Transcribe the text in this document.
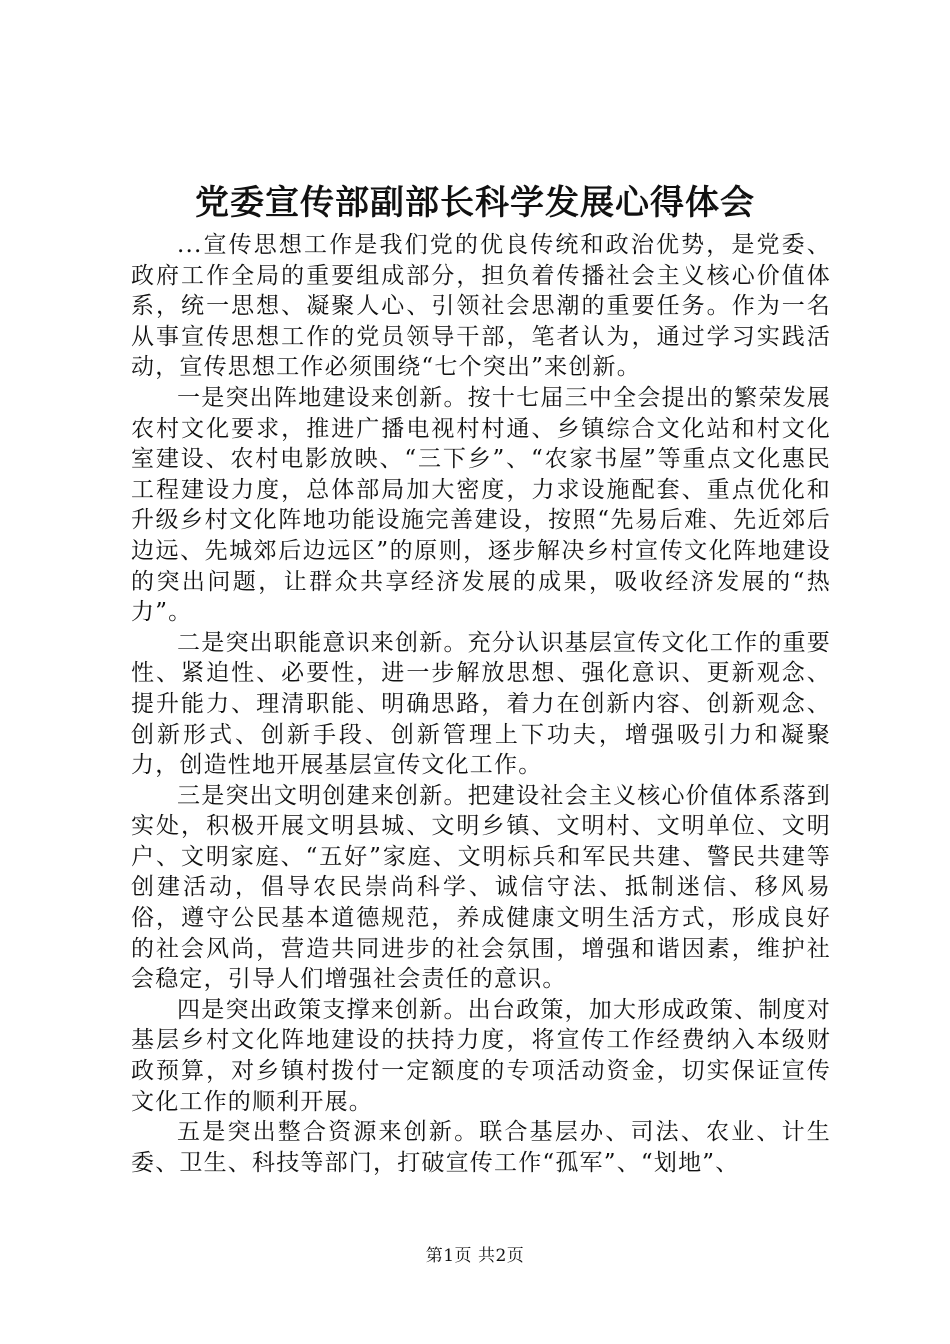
党委宣传部副部长科学发展心得体会

...宣传思想工作是我们党的优良传统和政治优势，是党委、政府工作全局的重要组成部分，担负着传播社会主义核心价值体系，统一思想、凝聚人心、引领社会思潮的重要任务。作为一名从事宣传思想工作的党员领导干部，笔者认为，通过学习实践活动，宣传思想工作必须围绕“七个突出”来创新。

一是突出阵地建设来创新。按十七届三中全会提出的繁荣发展农村文化要求，推进广播电视村村通、乡镇综合文化站和村文化室建设、农村电影放映、“三下乡”、“农家书屋”等重点文化惠民工程建设力度，总体部局加大密度，力求设施配套、重点优化和升级乡村文化阵地功能设施完善建设，按照“先易后难、先近郊后边远、先城郊后边远区”的原则，逐步解决乡村宣传文化阵地建设的突出问题，让群众共享经济发展的成果，吸收经济发展的“热力”。

二是突出职能意识来创新。充分认识基层宣传文化工作的重要性、紧迫性、必要性，进一步解放思想、强化意识、更新观念、提升能力、理清职能、明确思路，着力在创新内容、创新观念、创新形式、创新手段、创新管理上下功夫，增强吸引力和凝聚力，创造性地开展基层宣传文化工作。

三是突出文明创建来创新。把建设社会主义核心价值体系落到实处，积极开展文明县城、文明乡镇、文明村、文明单位、文明户、文明家庭、“五好”家庭、文明标兵和军民共建、警民共建等创建活动，倡导农民崇尚科学、诚信守法、抵制迷信、移风易俗，遵守公民基本道德规范，养成健康文明生活方式，形成良好的社会风尚，营造共同进步的社会氛围，增强和谐因素，维护社会稳定，引导人们增强社会责任的意识。

四是突出政策支撑来创新。出台政策，加大形成政策、制度对基层乡村文化阵地建设的扶持力度，将宣传工作经费纳入本级财政预算，对乡镇村拨付一定额度的专项活动资金，切实保证宣传文化工作的顺利开展。

五是突出整合资源来创新。联合基层办、司法、农业、计生委、卫生、科技等部门，打破宣传工作“孤军”、“划地”、

第1页 共2页
